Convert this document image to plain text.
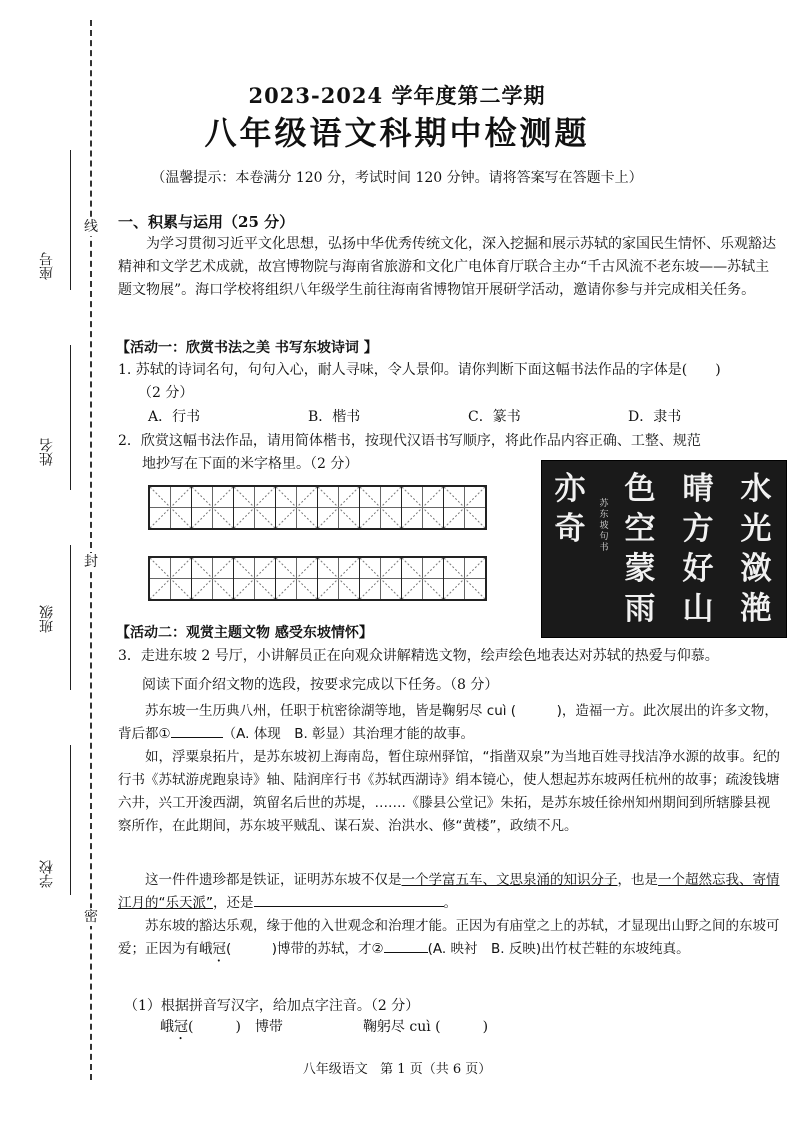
座号
姓名
班级
学校
线
封
密
2023-2024 学年度第二学期
八年级语文科期中检测题
（温馨提示：本卷满分 120 分，考试时间 120 分钟。请将答案写在答题卡上）
一、积累与运用（25 分）
为学习贯彻习近平文化思想，弘扬中华优秀传统文化，深入挖掘和展示苏轼的家国民生情怀、乐观豁达精神和文学艺术成就，故宫博物院与海南省旅游和文化广电体育厅联合主办“千古风流不老东坡——苏轼主题文物展”。海口学校将组织八年级学生前往海南省博物馆开展研学活动，邀请你参与并完成相关任务。
【活动一：欣赏书法之美 书写东坡诗词 】
1. 苏轼的诗词名句，句句入心，耐人寻味，令人景仰。请你判断下面这幅书法作品的字体是(　　)
（2 分）
A．行书	B．楷书	C．篆书	D．隶书
2．欣赏这幅书法作品，请用简体楷书，按现代汉语书写顺序，将此作品内容正确、工整、规范
地抄写在下面的米字格里。（2 分）
水光潋滟
晴方好山
色空蒙雨
苏东坡句 书
亦奇
【活动二：观赏主题文物 感受东坡情怀】
3．走进东坡 2 号厅，小讲解员正在向观众讲解精选文物，绘声绘色地表达对苏轼的热爱与仰慕。
阅读下面介绍文物的选段，按要求完成以下任务。（8 分）
苏东坡一生历典八州，任职于杭密徐湖等地，皆是鞠躬尽 cuì (　　　)，造福一方。此次展出的许多文物，背后都①	（A. 体现　B. 彰显）其治理才能的故事。
如，浮粟泉拓片，是苏东坡初上海南岛，暂住琼州驿馆，“指凿双泉”为当地百姓寻找洁净水源的故事。纪的行书《苏轼游虎跑泉诗》轴、陆润庠行书《苏轼西湖诗》绢本镜心，使人想起苏东坡两任杭州的故事；疏浚钱塘六井，兴工开浚西湖，筑留名后世的苏堤，…….《滕县公堂记》朱拓，是苏东坡任徐州知州期间到所辖滕县视察所作，在此期间，苏东坡平贼乱、谋石炭、治洪水、修“黄楼”，政绩不凡。
这一件件遗珍都是铁证，证明苏东坡不仅是一个学富五车、文思泉涌的知识分子，也是一个超然忘我、寄情江月的“乐天派”，还是	。
苏东坡的豁达乐观，缘于他的入世观念和治理才能。正因为有庙堂之上的苏轼，才显现出山野之间的东坡可爱；正因为有峨冠(　　　)博带的苏轼，才②	(A. 映衬　B. 反映)出竹杖芒鞋的东坡纯真。
（1）根据拼音写汉字，给加点字注音。（2 分）
峨冠(　　　) 博带	鞠躬尽 cuì (　　　)
八年级语文 第 1 页（共 6 页）
